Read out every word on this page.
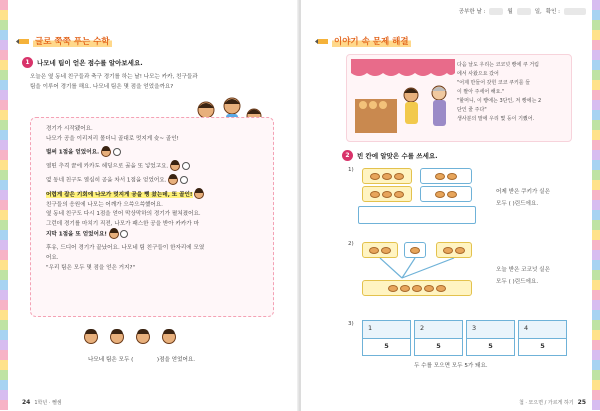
글로 쭉쭉 푸는 수학
1	나모네 팀이 얻은 점수를 알아보세요.
오늘은 옆 동네 친구들과 축구 경기를 하는 날! 나모는 카카, 친구들과
팀을 이루어 경기를 해요. 나모네 팀은 몇 점을 얻었을까요?
경기가 시작됐어요.
나모가 공을 이리저리 몰더니 골대로 멋지게 슛~ 골인!
벌써 1점을 얻었어요.
열띤 추격 끝에 카카도 헤딩으로 골을 또 넣었고요.
옆 동네 친구도 열심히 공을 차서 1점을 얻었어요.
어렵게 잡은 기회에 나모가 멋지게 공을 뻥 찼는데, 또 골인!
친구들의 응원에 나모는 어깨가 으쓱으쓱했어요.
옆 동네 친구도 다시 1점을 얻어 막상막하의 경기가 펼쳐졌어요.
그런데 경기를 마치기 직전, 나모가 패스한 공을 받아 카카가 마
지막 1점을 또 얻었어요!
후유, 드디어 경기가 끝났어요. 나모네 팀 친구들이 한자리에 모였
어요.
"우리 팀은 모두 몇 점을 얻은 거지?"
나모네 팀은 모두 (	)점을 얻었어요.
24 1학년 · 뺄셈
공부한 날 :	월	일, 확인 :
이야기 속 문제 해결
다음 날도 우리는 코코넛 빵에 쿠 거림
에서 사왔으요 갔어
"어제 만들어 갖힌 코코 쿠키를 들
이 팔아 주세어 해요."
"할머니, 이 빵에는 3단인, 저 빵에는 2
단인 줄 주다"
생사분의 말에 우리 몇 등이 기뻤어.
2	빈 칸에 알맞은 수를 쓰세요.
1)
어제 받은 쿠키가 실은
모두 ( )린드에요.
2)
오늘 받은 코코넛 실은
모두 ( )린드에요.
3)	1
5
2
5
3
5
4
5
두 수를 모으면 모두 5가 돼요.
첩 · 모으면 / 가르게 하기 25
